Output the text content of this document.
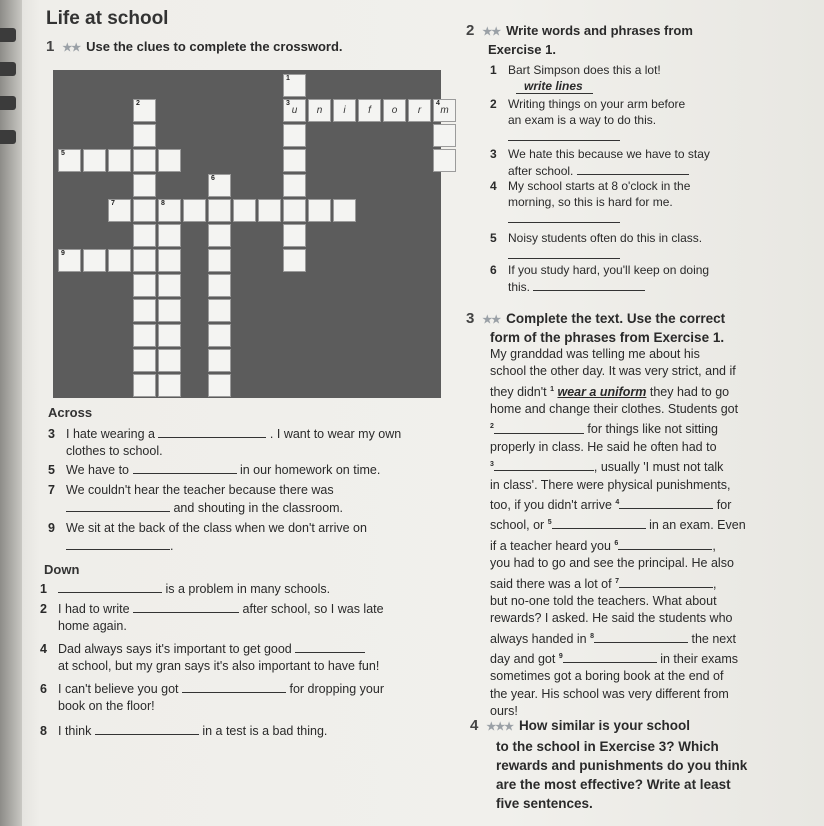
Life at school
1 ★★ Use the clues to complete the crossword.
1
u
3
2
n	i	f	o	r	m
4
5
6
7	8
9
Across
3 I hate wearing a	. I want to wear my own
clothes to school.
5 We have to	in our homework on time.
7 We couldn't hear the teacher because there was
and shouting in the classroom.
9 We sit at the back of the class when we don't arrive on
.
Down
1	is a problem in many schools.
2 I had to write	after school, so I was late
home again.
4 Dad always says it's important to get good
at school, but my gran says it's also important to have fun!
6 I can't believe you got	for dropping your
book on the floor!
8 I think	in a test is a bad thing.
2 ★★ Write words and phrases from
Exercise 1.
1 Bart Simpson does this a lot!
write lines
2 Writing things on your arm before
an exam is a way to do this.

3 We hate this because we have to stay
after school.
4 My school starts at 8 o'clock in the
morning, so this is hard for me.

5 Noisy students often do this in class.

6 If you study hard, you'll keep on doing
this.
3 ★★ Complete the text. Use the correct
form of the phrases from Exercise 1.
My granddad was telling me about his
school the other day. It was very strict, and if
they didn't $^1$ wear a uniform they had to go
home and change their clothes. Students got
$^2$	for things like not sitting
properly in class. He said he often had to
$^3$	, usually 'I must not talk
in class'. There were physical punishments,
too, if you didn't arrive $^4$	for
school, or $^5$	in an exam. Even
if a teacher heard you $^6$	,
you had to go and see the principal. He also
said there was a lot of $^7$	,
but no-one told the teachers. What about
rewards? I asked. He said the students who
always handed in $^8$	the next
day and got $^9$	in their exams
sometimes got a boring book at the end of
the year. His school was very different from
ours!
4 ★★★ How similar is your school
to the school in Exercise 3? Which
rewards and punishments do you think
are the most effective? Write at least
five sentences.
